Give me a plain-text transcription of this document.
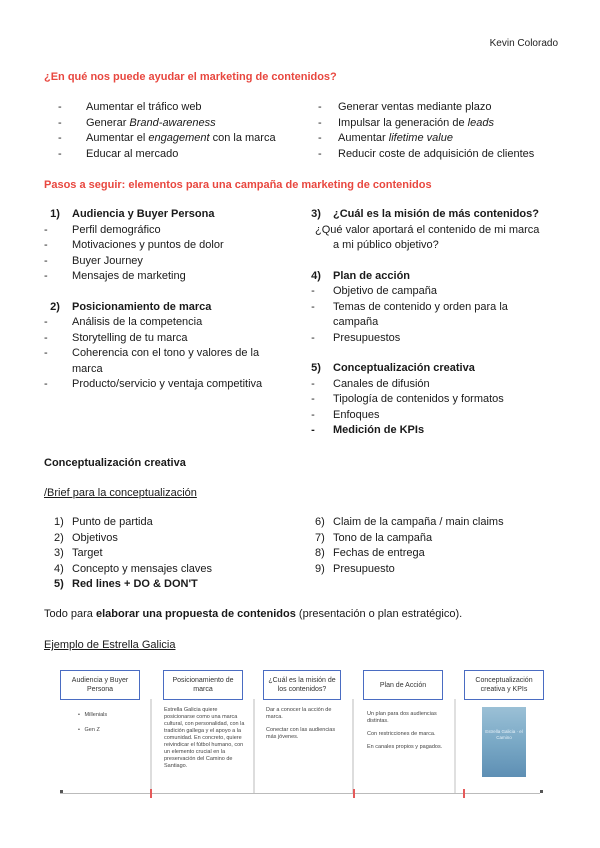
Kevin Colorado
¿En qué nos puede ayudar el marketing de contenidos?
-	Aumentar el tráfico web
-	Generar Brand-awareness
-	Aumentar el engagement con la marca
-	Educar al mercado
-	Generar ventas mediante plazo
-	Impulsar la generación de leads
-	Aumentar lifetime value
-	Reducir coste de adquisición de clientes
Pasos a seguir: elementos para una campaña de marketing de contenidos
1)	Audiencia y Buyer Persona
-	Perfil demográfico
-	Motivaciones y puntos de dolor
-	Buyer Journey
-	Mensajes de marketing
2)	Posicionamiento de marca
-	Análisis de la competencia
-	Storytelling de tu marca
-	Coherencia con el tono y valores de la
marca
-	Producto/servicio y ventaja competitiva
3)	¿Cuál es la misión de más contenidos?
¿Qué valor aportará el contenido de mi marca
a mi público objetivo?
4)	Plan de acción
-	Objetivo de campaña
-	Temas de contenido y orden para la
campaña
-	Presupuestos
5)	Conceptualización creativa
-	Canales de difusión
-	Tipología de contenidos y formatos
-	Enfoques
-	Medición de KPIs
Conceptualización creativa
/Brief para la conceptualización
1) Punto de partida
2) Objetivos
3) Target
4) Concepto y mensajes claves
5) Red lines + DO & DON'T
6) Claim de la campaña / main claims
7) Tono de la campaña
8) Fechas de entrega
9) Presupuesto
Todo para elaborar una propuesta de contenidos (presentación o plan estratégico).
Ejemplo de Estrella Galicia
Audiencia y Buyer Persona
Posicionamiento de marca
¿Cuál es la misión de los contenidos?
Plan de Acción
Conceptualización creativa y KPIs
•   Millenials
•   Gen Z
Estrella Galicia quiere posicionarse como una marca cultural, con personalidad, con la tradición gallega y el apoyo a la comunidad. En concreto, quiere reivindicar el fútbol humano, con un elemento crucial en la preservación del Camino de Santiago.
Dar a conocer la acción de marca.
Conectar con las audiencias más jóvenes.
Un plan para dos audiencias distintas.
Con restricciones de marca.
En canales propios y pagados.
Estrella Galicia · el Camino
